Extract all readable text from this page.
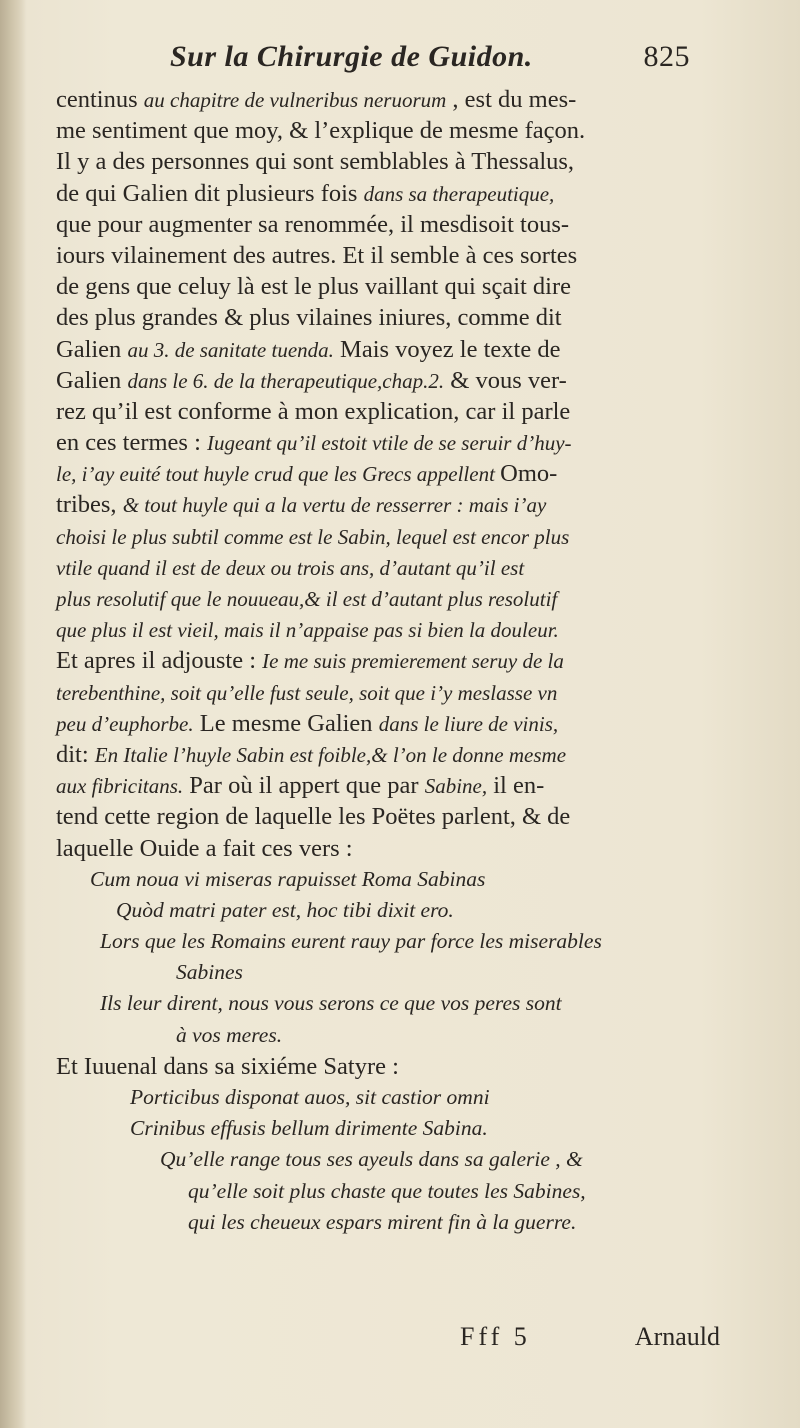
Sur la Chirurgie de Guidon.	825
centinus au chapitre de vulneribus neruorum , est du mes-
me sentiment que moy, & l’explique de mesme façon.
Il y a des personnes qui sont semblables à Thessalus,
de qui Galien dit plusieurs fois dans sa therapeutique,
que pour augmenter sa renommée, il mesdisoit tous-
iours vilainement des autres. Et il semble à ces sortes
de gens que celuy là est le plus vaillant qui sçait dire
des plus grandes & plus vilaines iniures, comme dit
Galien au 3. de sanitate tuenda. Mais voyez le texte de
Galien dans le 6. de la therapeutique,chap.2. & vous ver-
rez qu’il est conforme à mon explication, car il parle
en ces termes : Iugeant qu’il estoit vtile de se seruir d’huy-
le, i’ay euité tout huyle crud que les Grecs appellent Omo-
tribes, & tout huyle qui a la vertu de resserrer : mais i’ay
choisi le plus subtil comme est le Sabin, lequel est encor plus
vtile quand il est de deux ou trois ans, d’autant qu’il est
plus resolutif que le nouueau,& il est d’autant plus resolutif
que plus il est vieil, mais il n’appaise pas si bien la douleur.
Et apres il adjouste : Ie me suis premierement seruy de la
terebenthine, soit qu’elle fust seule, soit que i’y meslasse vn
peu d’euphorbe. Le mesme Galien dans le liure de vinis,
dit: En Italie l’huyle Sabin est foible,& l’on le donne mesme
aux fibricitans. Par où il appert que par Sabine, il en-
tend cette region de laquelle les Poëtes parlent, & de
laquelle Ouide a fait ces vers :
Cum noua vi miseras rapuisset Roma Sabinas
Quòd matri pater est, hoc tibi dixit ero.
Lors que les Romains eurent rauy par force les miserables
Sabines
Ils leur dirent, nous vous serons ce que vos peres sont
à vos meres.
Et Iuuenal dans sa sixiéme Satyre :
Porticibus disponat auos, sit castior omni
Crinibus effusis bellum dirimente Sabina.
Qu’elle range tous ses ayeuls dans sa galerie , &
qu’elle soit plus chaste que toutes les Sabines,
qui les cheueux espars mirent fin à la guerre.
Fff 5	Arnauld
